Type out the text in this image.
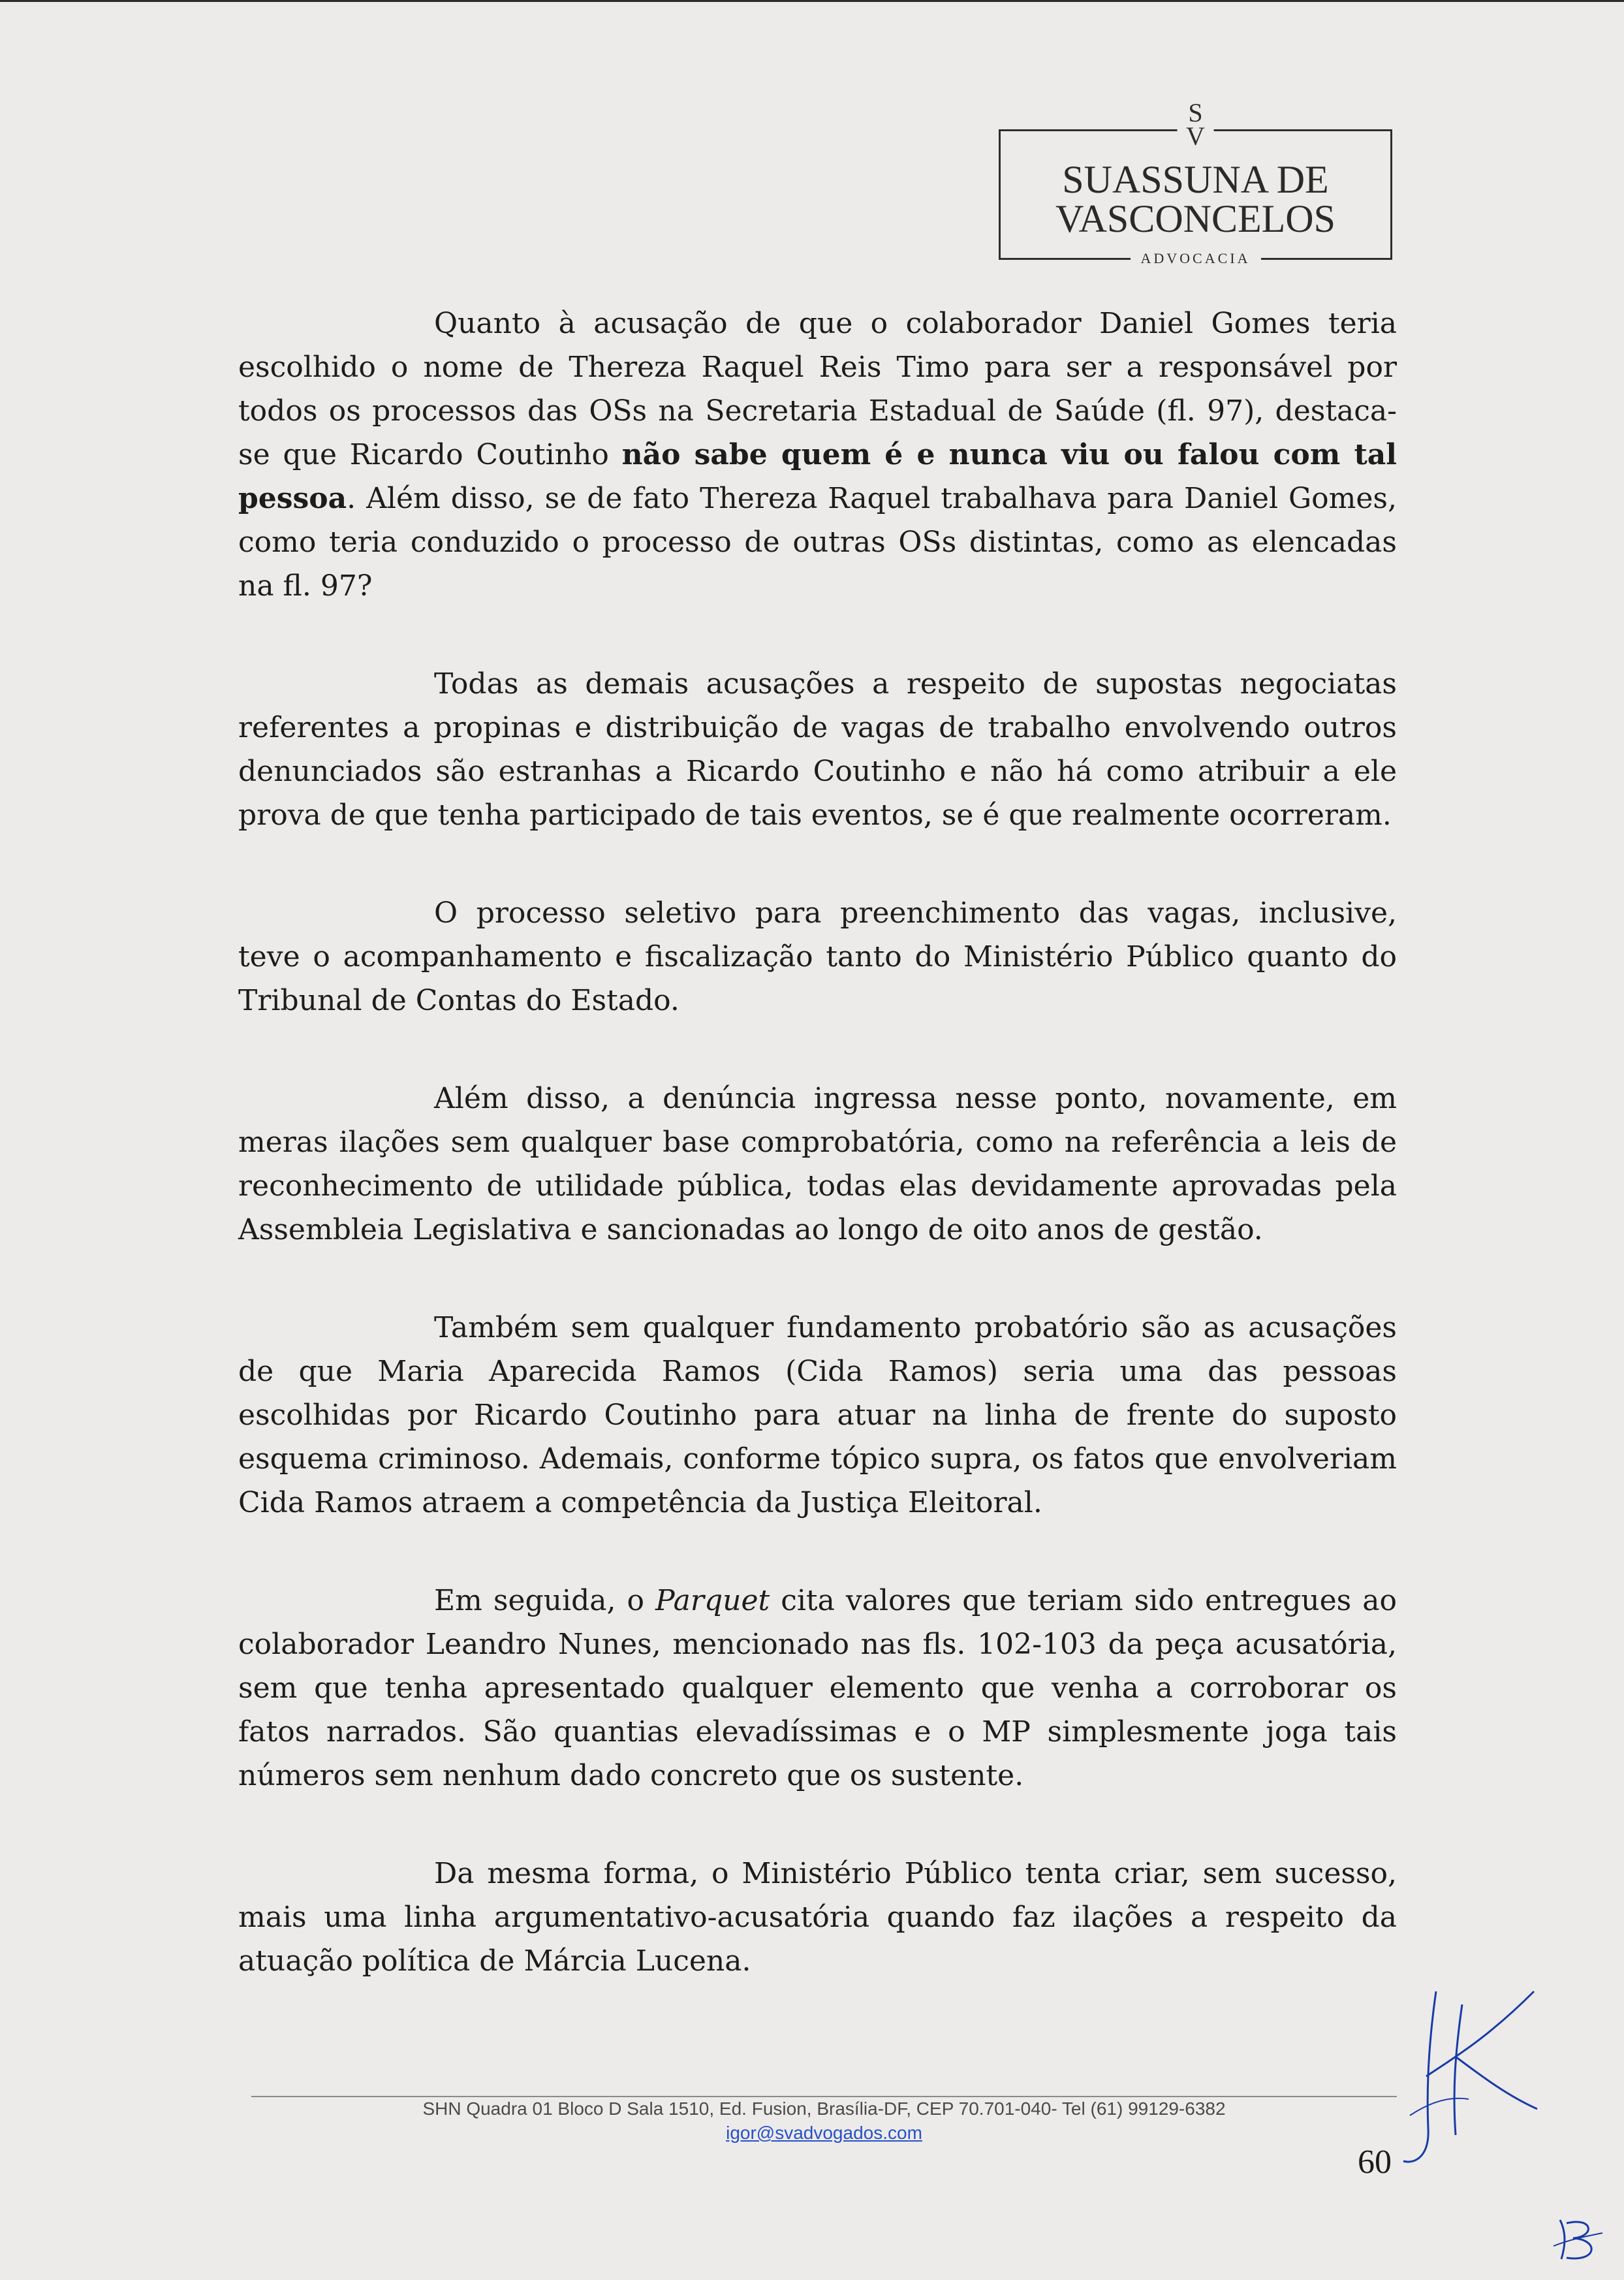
S
V
SUASSUNA DE
VASCONCELOS
ADVOCACIA

Quanto à acusação de que o colaborador Daniel Gomes teria escolhido o nome de Thereza Raquel Reis Timo para ser a responsável por todos os processos das OSs na Secretaria Estadual de Saúde (fl. 97), destaca-se que Ricardo Coutinho não sabe quem é e nunca viu ou falou com tal pessoa. Além disso, se de fato Thereza Raquel trabalhava para Daniel Gomes, como teria conduzido o processo de outras OSs distintas, como as elencadas na fl. 97?

Todas as demais acusações a respeito de supostas negociatas referentes a propinas e distribuição de vagas de trabalho envolvendo outros denunciados são estranhas a Ricardo Coutinho e não há como atribuir a ele prova de que tenha participado de tais eventos, se é que realmente ocorreram.

O processo seletivo para preenchimento das vagas, inclusive, teve o acompanhamento e fiscalização tanto do Ministério Público quanto do Tribunal de Contas do Estado.

Além disso, a denúncia ingressa nesse ponto, novamente, em meras ilações sem qualquer base comprobatória, como na referência a leis de reconhecimento de utilidade pública, todas elas devidamente aprovadas pela Assembleia Legislativa e sancionadas ao longo de oito anos de gestão.

Também sem qualquer fundamento probatório são as acusações de que Maria Aparecida Ramos (Cida Ramos) seria uma das pessoas escolhidas por Ricardo Coutinho para atuar na linha de frente do suposto esquema criminoso. Ademais, conforme tópico supra, os fatos que envolveriam Cida Ramos atraem a competência da Justiça Eleitoral.

Em seguida, o Parquet cita valores que teriam sido entregues ao colaborador Leandro Nunes, mencionado nas fls. 102-103 da peça acusatória, sem que tenha apresentado qualquer elemento que venha a corroborar os fatos narrados. São quantias elevadíssimas e o MP simplesmente joga tais números sem nenhum dado concreto que os sustente.

Da mesma forma, o Ministério Público tenta criar, sem sucesso, mais uma linha argumentativo-acusatória quando faz ilações a respeito da atuação política de Márcia Lucena.

SHN Quadra 01 Bloco D Sala 1510, Ed. Fusion, Brasília-DF, CEP 70.701-040- Tel (61) 99129-6382
igor@svadvogados.com
60
